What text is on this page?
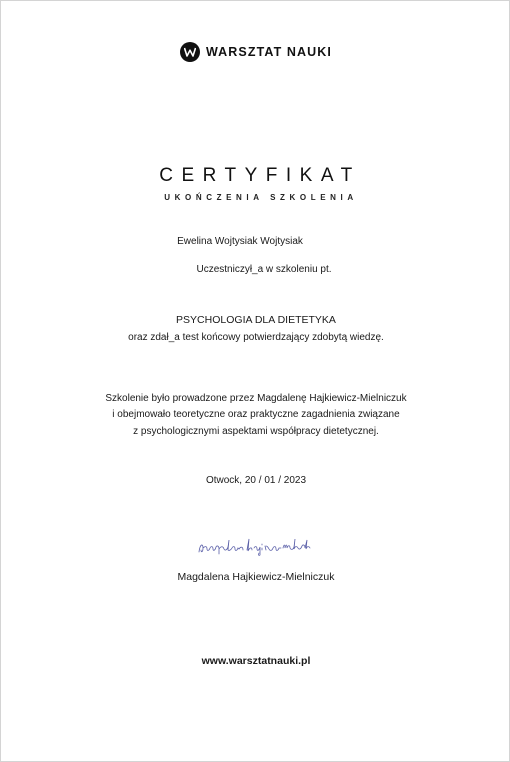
WARSZTAT NAUKI
CERTYFIKAT
UKOŃCZENIA SZKOLENIA
Ewelina Wojtysiak Wojtysiak
Uczestniczył_a w szkoleniu pt.
PSYCHOLOGIA DLA DIETETYKA
oraz zdał_a test końcowy potwierdzający zdobytą wiedzę.
Szkolenie było prowadzone przez Magdalenę Hajkiewicz-Mielniczuk
i obejmowało teoretyczne oraz praktyczne zagadnienia związane
z psychologicznymi aspektami współpracy dietetycznej.
Otwock, 20 / 01 / 2023
Magdalena Hajkiewicz-Mielniczuk
www.warsztatnauki.pl
